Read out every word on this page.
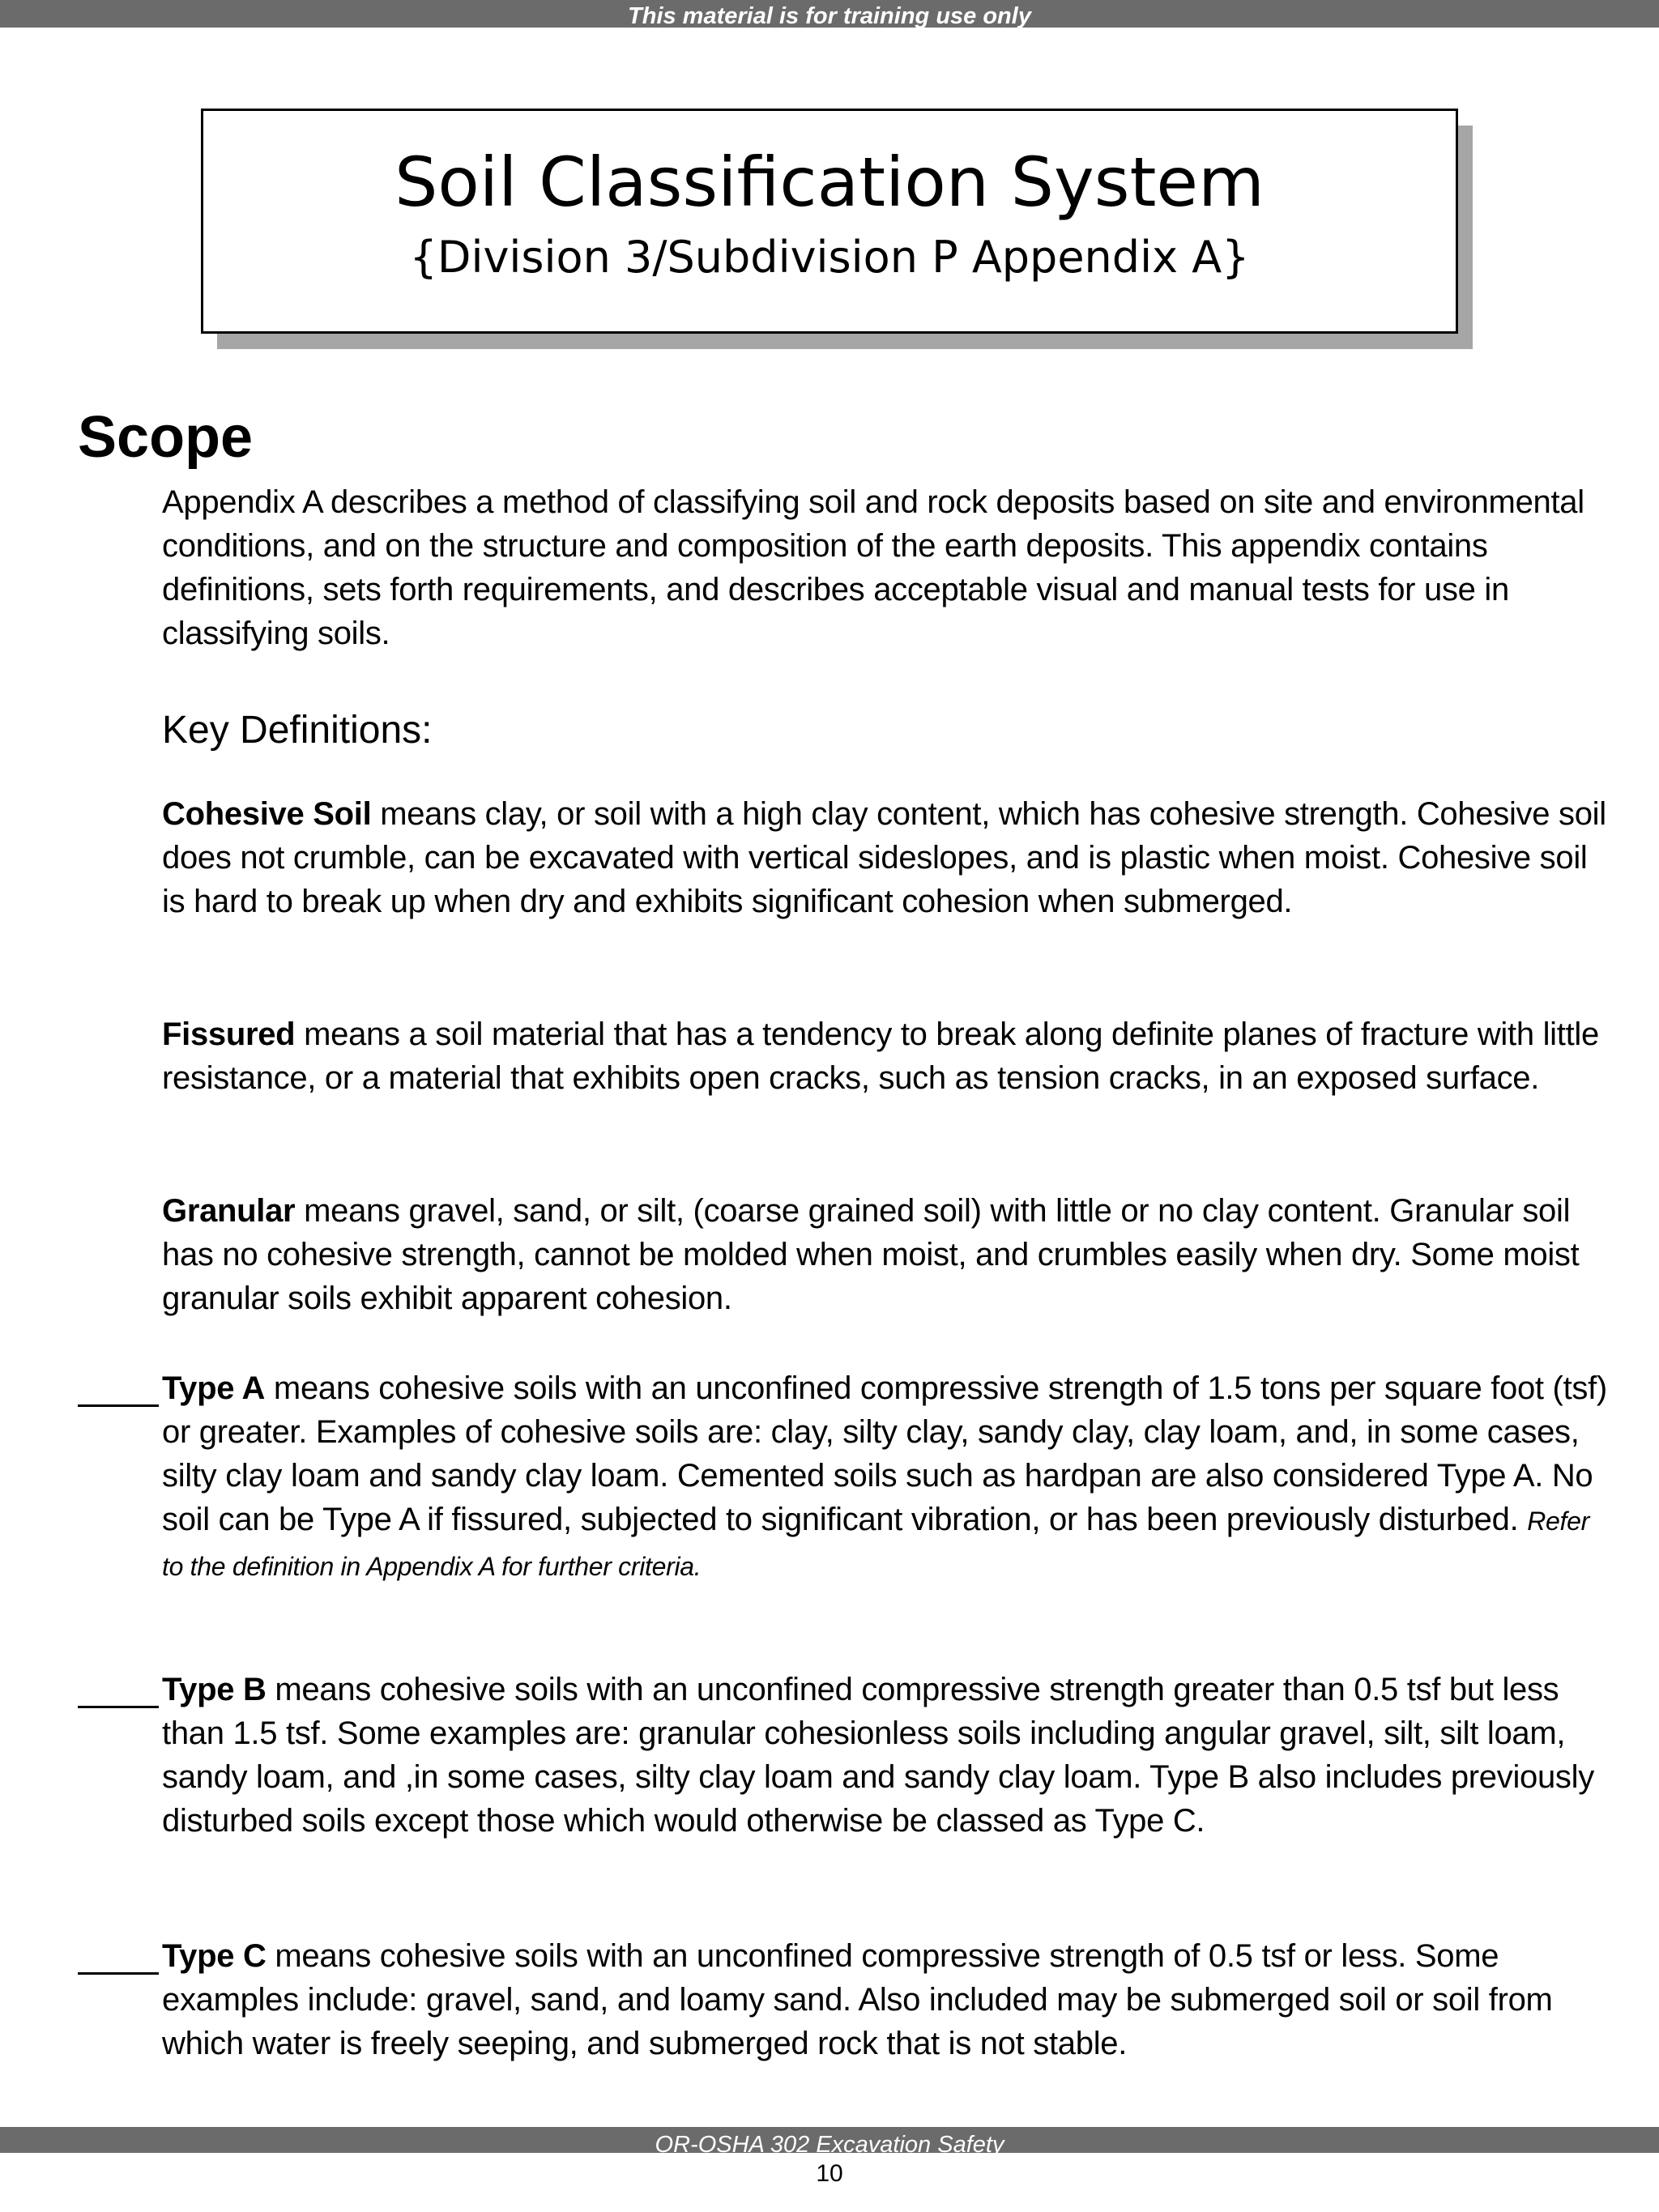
This material is for training use only
Soil Classification System
{Division 3/Subdivision P Appendix A}
Scope

Appendix A describes a method of classifying soil and rock deposits based on site and environmental conditions, and on the structure and composition of the earth deposits. This appendix contains definitions, sets forth requirements, and describes acceptable visual and manual tests for use in classifying soils.

Key Definitions:

Cohesive Soil means clay, or soil with a high clay content, which has cohesive strength. Cohesive soil does not crumble, can be excavated with vertical sideslopes, and is plastic when moist. Cohesive soil is hard to break up when dry and exhibits significant cohesion when submerged.

Fissured means a soil material that has a tendency to break along definite planes of fracture with little resistance, or a material that exhibits open cracks, such as tension cracks, in an exposed surface.

Granular means gravel, sand, or silt, (coarse grained soil) with little or no clay content. Granular soil has no cohesive strength, cannot be molded when moist, and crumbles easily when dry. Some moist granular soils exhibit apparent cohesion.

Type A means cohesive soils with an unconfined compressive strength of 1.5 tons per square foot (tsf) or greater. Examples of cohesive soils are: clay, silty clay, sandy clay, clay loam, and, in some cases, silty clay loam and sandy clay loam. Cemented soils such as hardpan are also considered Type A. No soil can be Type A if fissured, subjected to significant vibration, or has been previously disturbed. Refer to the definition in Appendix A for further criteria.

Type B means cohesive soils with an unconfined compressive strength greater than 0.5 tsf but less than 1.5 tsf. Some examples are: granular cohesionless soils including angular gravel, silt, silt loam, sandy loam, and ,in some cases, silty clay loam and sandy clay loam. Type B also includes previously disturbed soils except those which would otherwise be classed as Type C.

Type C means cohesive soils with an unconfined compressive strength of 0.5 tsf or less. Some examples include: gravel, sand, and loamy sand. Also included may be submerged soil or soil from which water is freely seeping, and submerged rock that is not stable.

OR-OSHA 302 Excavation Safety
10
